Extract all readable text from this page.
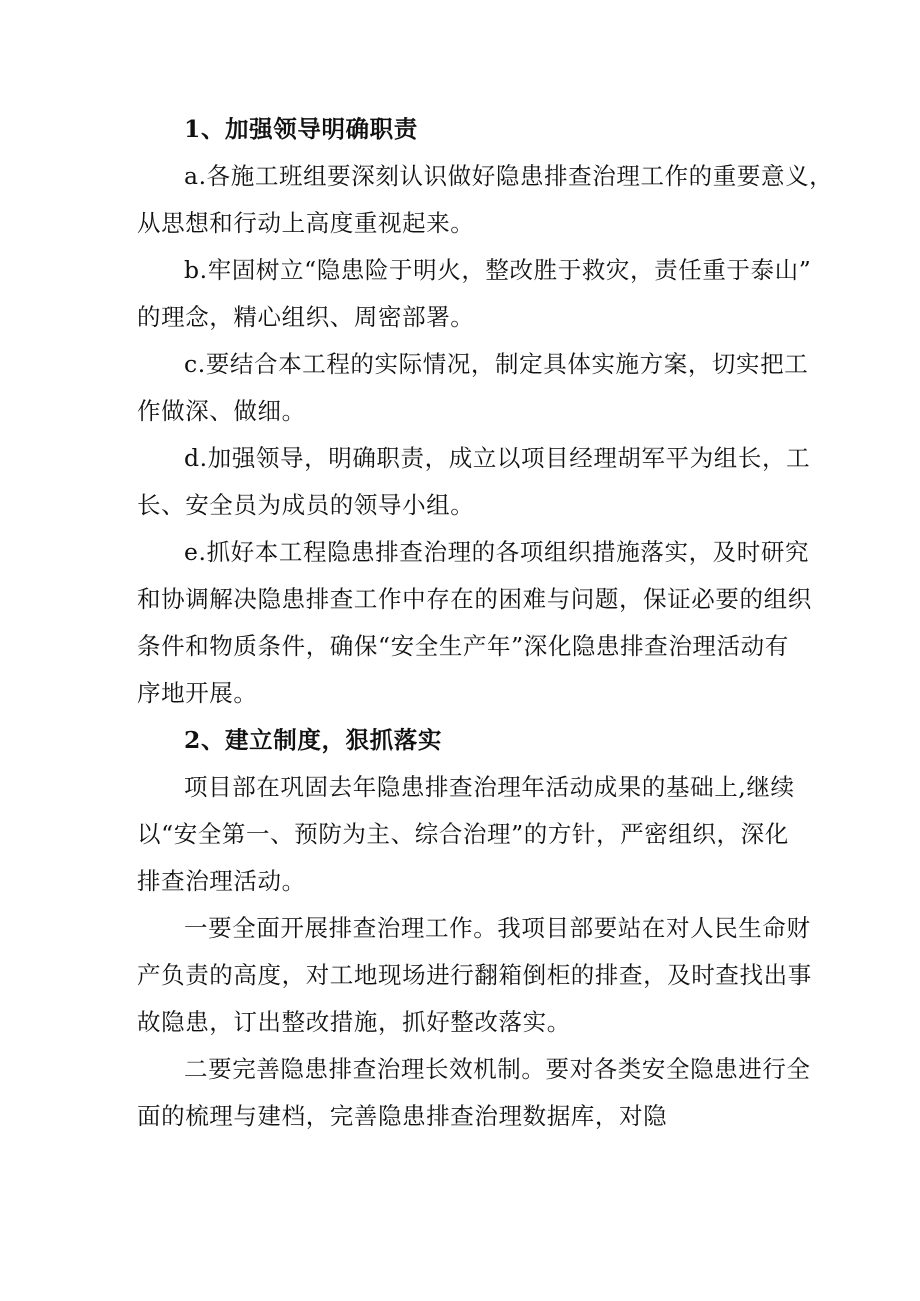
1、加强领导明确职责
a.各施工班组要深刻认识做好隐患排查治理工作的重要意义，
从思想和行动上高度重视起来。
b.牢固树立“隐患险于明火，整改胜于救灾，责任重于泰山”
的理念，精心组织、周密部署。
c.要结合本工程的实际情况，制定具体实施方案，切实把工
作做深、做细。
d.加强领导，明确职责，成立以项目经理胡军平为组长，工
长、安全员为成员的领导小组。
e.抓好本工程隐患排查治理的各项组织措施落实，及时研究
和协调解决隐患排查工作中存在的困难与问题，保证必要的组织
条件和物质条件，确保“安全生产年”深化隐患排查治理活动有
序地开展。
2、建立制度，狠抓落实
项目部在巩固去年隐患排查治理年活动成果的基础上,继续
以“安全第一、预防为主、综合治理”的方针，严密组织，深化
排查治理活动。
一要全面开展排查治理工作。我项目部要站在对人民生命财
产负责的高度，对工地现场进行翻箱倒柜的排查，及时查找出事
故隐患，订出整改措施，抓好整改落实。
二要完善隐患排查治理长效机制。要对各类安全隐患进行全
面的梳理与建档，完善隐患排查治理数据库，对隐
